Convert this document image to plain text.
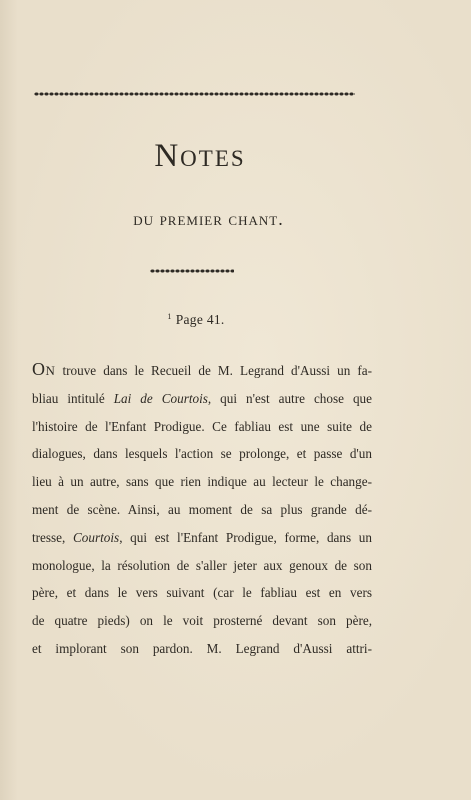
Notes
du premier chant.
$^1$ Page 41.
On trouve dans le Recueil de M. Legrand d'Aussi un fa-
bliau intitulé Lai de Courtois, qui n'est autre chose que
l'histoire de l'Enfant Prodigue. Ce fabliau est une suite de
dialogues, dans lesquels l'action se prolonge, et passe d'un
lieu à un autre, sans que rien indique au lecteur le change-
ment de scène. Ainsi, au moment de sa plus grande dé-
tresse, Courtois, qui est l'Enfant Prodigue, forme, dans un
monologue, la résolution de s'aller jeter aux genoux de son
père, et dans le vers suivant (car le fabliau est en vers
de quatre pieds) on le voit prosterné devant son père,
et implorant son pardon. M. Legrand d'Aussi attri-
